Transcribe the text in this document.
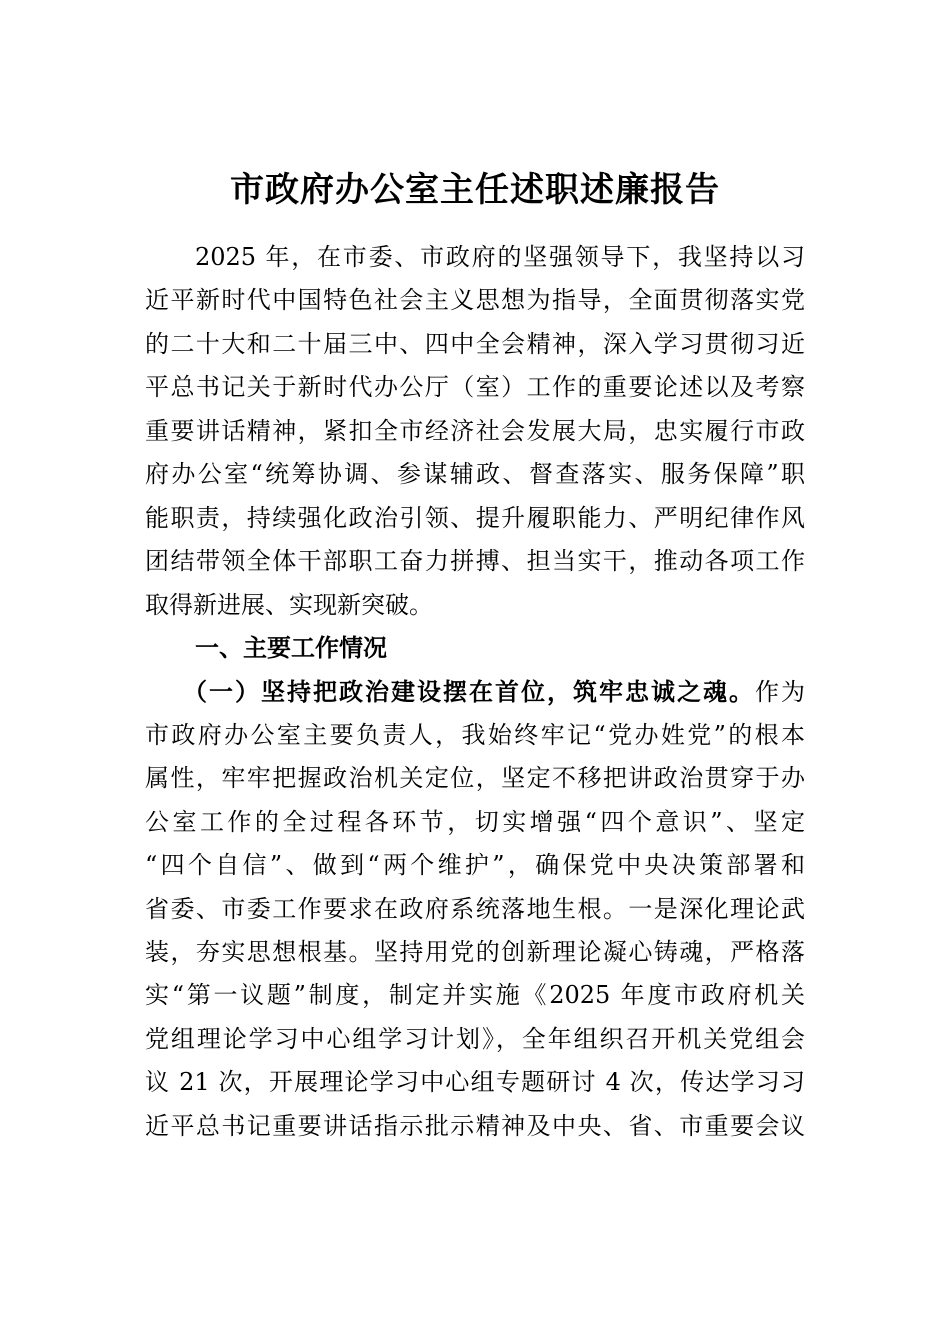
市政府办公室主任述职述廉报告
2025 年，在市委、市政府的坚强领导下，我坚持以习
近平新时代中国特色社会主义思想为指导，全面贯彻落实党
的二十大和二十届三中、四中全会精神，深入学习贯彻习近
平总书记关于新时代办公厅（室）工作的重要论述以及考察
重要讲话精神，紧扣全市经济社会发展大局，忠实履行市政
府办公室“统筹协调、参谋辅政、督查落实、服务保障”职
能职责，持续强化政治引领、提升履职能力、严明纪律作风
团结带领全体干部职工奋力拼搏、担当实干，推动各项工作
取得新进展、实现新突破。
一、主要工作情况
（一）坚持把政治建设摆在首位，筑牢忠诚之魂。作为
市政府办公室主要负责人，我始终牢记“党办姓党”的根本
属性，牢牢把握政治机关定位，坚定不移把讲政治贯穿于办
公室工作的全过程各环节，切实增强“四个意识”、坚定
“四个自信”、做到“两个维护”，确保党中央决策部署和
省委、市委工作要求在政府系统落地生根。一是深化理论武
装，夯实思想根基。坚持用党的创新理论凝心铸魂，严格落
实“第一议题”制度，制定并实施《2025 年度市政府机关
党组理论学习中心组学习计划》，全年组织召开机关党组会
议 21 次，开展理论学习中心组专题研讨 4 次，传达学习习
近平总书记重要讲话指示批示精神及中央、省、市重要会议
